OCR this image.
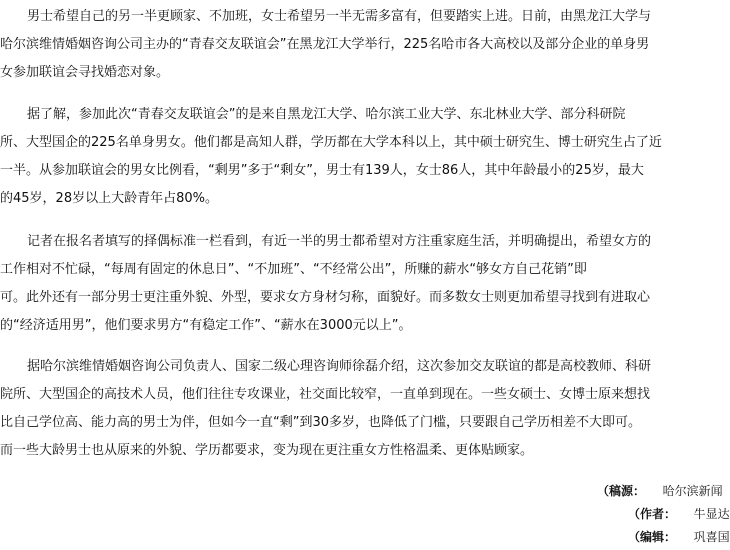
男士希望自己的另一半更顾家、不加班，女士希望另一半无需多富有，但要踏实上进。日前，由黑龙江大学与
哈尔滨维情婚姻咨询公司主办的“青春交友联谊会”在黑龙江大学举行，225名哈市各大高校以及部分企业的单身男
女参加联谊会寻找婚恋对象。
据了解，参加此次“青春交友联谊会”的是来自黑龙江大学、哈尔滨工业大学、东北林业大学、部分科研院
所、大型国企的225名单身男女。他们都是高知人群，学历都在大学本科以上，其中硕士研究生、博士研究生占了近
一半。从参加联谊会的男女比例看，“剩男”多于“剩女”，男士有139人，女士86人，其中年龄最小的25岁，最大
的45岁，28岁以上大龄青年占80%。
记者在报名者填写的择偶标准一栏看到，有近一半的男士都希望对方注重家庭生活，并明确提出，希望女方的
工作相对不忙碌，“每周有固定的休息日”、“不加班”、“不经常公出”，所赚的薪水“够女方自己花销”即
可。此外还有一部分男士更注重外貌、外型，要求女方身材匀称，面貌好。而多数女士则更加希望寻找到有进取心
的“经济适用男”，他们要求男方“有稳定工作”、“薪水在3000元以上”。
据哈尔滨维情婚姻咨询公司负责人、国家二级心理咨询师徐磊介绍，这次参加交友联谊的都是高校教师、科研
院所、大型国企的高技术人员，他们往往专攻课业，社交面比较窄，一直单到现在。一些女硕士、女博士原来想找
比自己学位高、能力高的男士为伴，但如今一直“剩”到30多岁，也降低了门槛，只要跟自己学历相差不大即可。
而一些大龄男士也从原来的外貌、学历都要求，变为现在更注重女方性格温柔、更体贴顾家。
（稿源： 哈尔滨新闻
（作者： 牛显达
（编辑： 巩喜国
